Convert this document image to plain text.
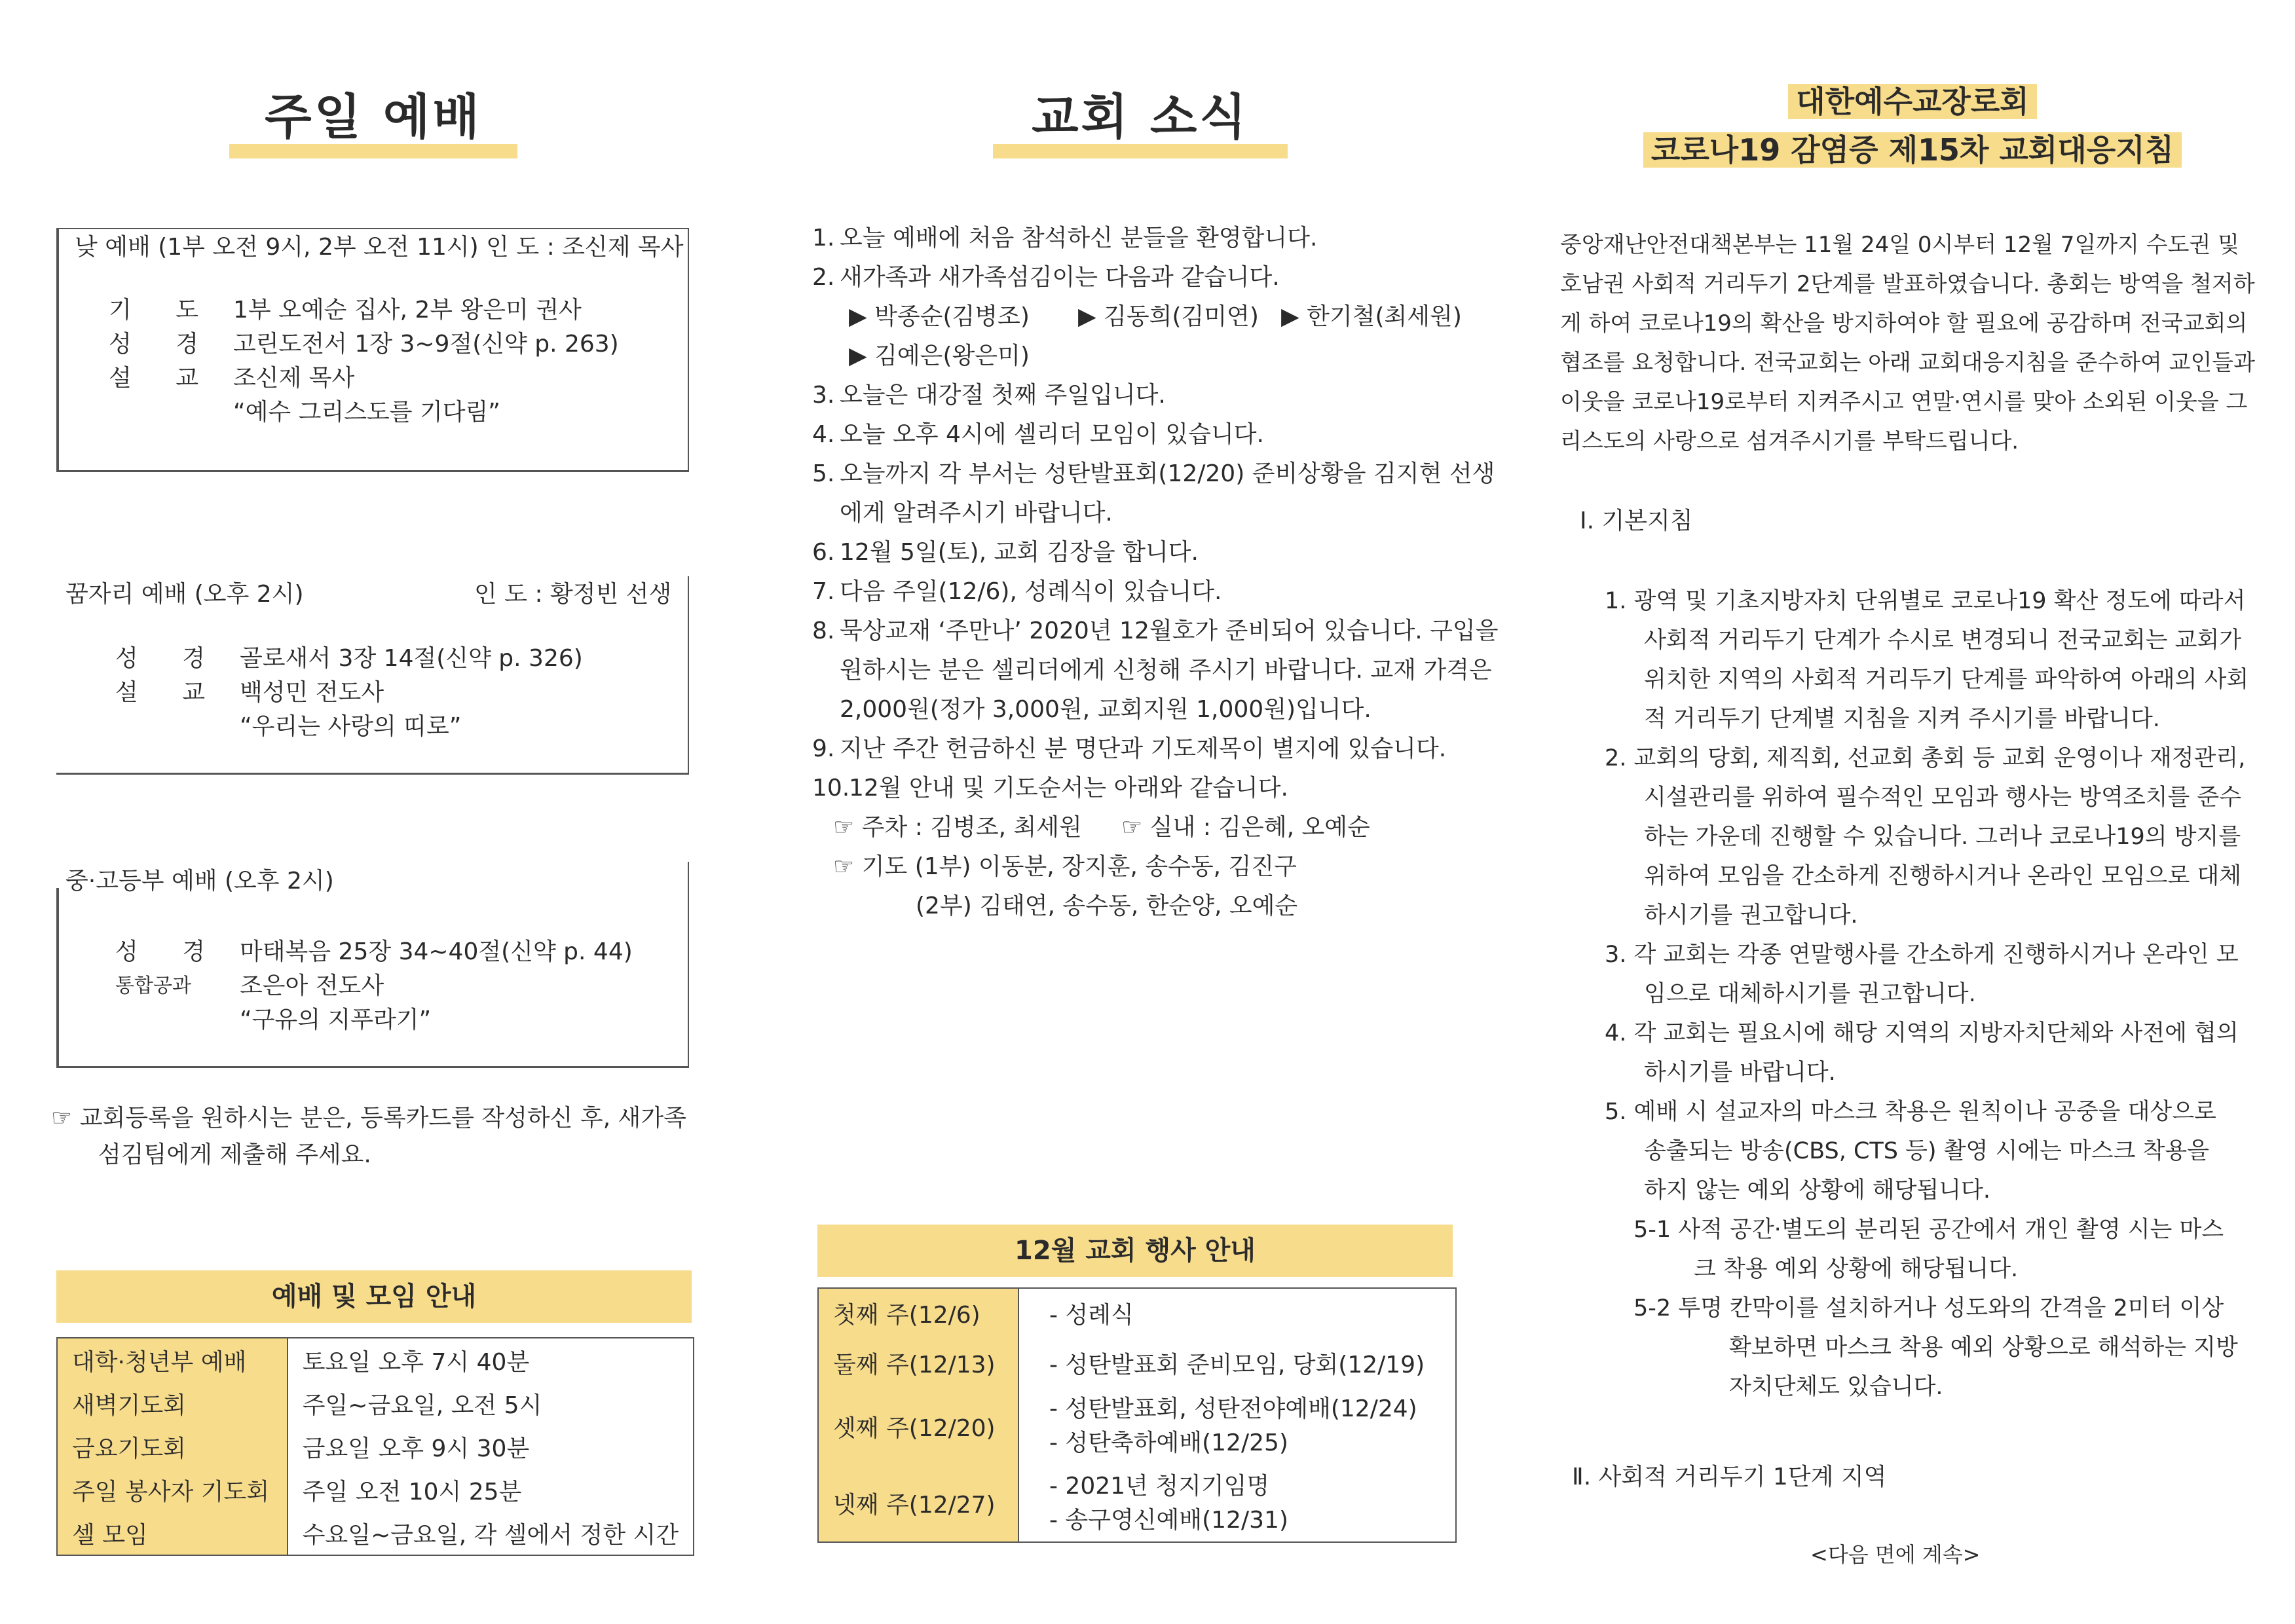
주일 예배
낮 예배 (1부 오전 9시, 2부 오전 11시) 인 도 : 조신제 목사
기 도 1부 오예순 집사, 2부 왕은미 권사
성 경 고린도전서 1장 3~9절(신약 p. 263)
설 교 조신제 목사
“예수 그리스도를 기다림”
꿈자리 예배 (오후 2시)	인 도 : 황정빈 선생
성 경 골로새서 3장 14절(신약 p. 326)
설 교 백성민 전도사
“우리는 사랑의 띠로”
중·고등부 예배 (오후 2시)
성 경 마태복음 25장 34~40절(신약 p. 44)
통합공과	조은아 전도사
“구유의 지푸라기”
☞ 교회등록을 원하시는 분은, 등록카드를 작성하신 후, 새가족
섬김팀에게 제출해 주세요.
예배 및 모임 안내
대학·청년부 예배	토요일 오후 7시 40분
새벽기도회	주일~금요일, 오전 5시
금요기도회	금요일 오후 9시 30분
주일 봉사자 기도회	주일 오전 10시 25분
셀 모임	수요일~금요일, 각 셀에서 정한 시간
교회 소식
1. 오늘 예배에 처음 참석하신 분들을 환영합니다.
2. 새가족과 새가족섬김이는 다음과 같습니다.
▶ 박종순(김병조) ▶ 김동희(김미연) ▶ 한기철(최세원)
▶ 김예은(왕은미)
3. 오늘은 대강절 첫째 주일입니다.
4. 오늘 오후 4시에 셀리더 모임이 있습니다.
5. 오늘까지 각 부서는 성탄발표회(12/20) 준비상황을 김지현 선생
에게 알려주시기 바랍니다.
6. 12월 5일(토), 교회 김장을 합니다.
7. 다음 주일(12/6), 성례식이 있습니다.
8. 묵상교재 ‘주만나’ 2020년 12월호가 준비되어 있습니다. 구입을
원하시는 분은 셀리더에게 신청해 주시기 바랍니다. 교재 가격은
2,000원(정가 3,000원, 교회지원 1,000원)입니다.
9. 지난 주간 헌금하신 분 명단과 기도제목이 별지에 있습니다.
10.12월 안내 및 기도순서는 아래와 같습니다.
☞ 주차 : 김병조, 최세원 ☞ 실내 : 김은혜, 오예순
☞ 기도 (1부) 이동분, 장지훈, 송수동, 김진구
(2부) 김태연, 송수동, 한순양, 오예순
12월 교회 행사 안내
첫째 주(12/6)	- 성례식
둘째 주(12/13)	- 성탄발표회 준비모임, 당회(12/19)
셋째 주(12/20)	- 성탄발표회, 성탄전야예배(12/24)
- 성탄축하예배(12/25)

넷째 주(12/27)	- 2021년 청지기임명
- 송구영신예배(12/31)
대한예수교장로회
코로나19 감염증 제15차 교회대응지침
중앙재난안전대책본부는 11월 24일 0시부터 12월 7일까지 수도권 및
호남권 사회적 거리두기 2단계를 발표하였습니다. 총회는 방역을 철저하
게 하여 코로나19의 확산을 방지하여야 할 필요에 공감하며 전국교회의
협조를 요청합니다. 전국교회는 아래 교회대응지침을 준수하여 교인들과
이웃을 코로나19로부터 지켜주시고 연말·연시를 맞아 소외된 이웃을 그
리스도의 사랑으로 섬겨주시기를 부탁드립니다.
Ⅰ. 기본지침
1. 광역 및 기초지방자치 단위별로 코로나19 확산 정도에 따라서
사회적 거리두기 단계가 수시로 변경되니 전국교회는 교회가
위치한 지역의 사회적 거리두기 단계를 파악하여 아래의 사회
적 거리두기 단계별 지침을 지켜 주시기를 바랍니다.
2. 교회의 당회, 제직회, 선교회 총회 등 교회 운영이나 재정관리,
시설관리를 위하여 필수적인 모임과 행사는 방역조치를 준수
하는 가운데 진행할 수 있습니다. 그러나 코로나19의 방지를
위하여 모임을 간소하게 진행하시거나 온라인 모임으로 대체
하시기를 권고합니다.
3. 각 교회는 각종 연말행사를 간소하게 진행하시거나 온라인 모
임으로 대체하시기를 권고합니다.
4. 각 교회는 필요시에 해당 지역의 지방자치단체와 사전에 협의
하시기를 바랍니다.
5. 예배 시 설교자의 마스크 착용은 원칙이나 공중을 대상으로
송출되는 방송(CBS, CTS 등) 촬영 시에는 마스크 착용을
하지 않는 예외 상황에 해당됩니다.
5-1 사적 공간·별도의 분리된 공간에서 개인 촬영 시는 마스
크 착용 예외 상황에 해당됩니다.
5-2 투명 칸막이를 설치하거나 성도와의 간격을 2미터 이상
확보하면 마스크 착용 예외 상황으로 해석하는 지방
자치단체도 있습니다.
Ⅱ. 사회적 거리두기 1단계 지역
<다음 면에 계속>
